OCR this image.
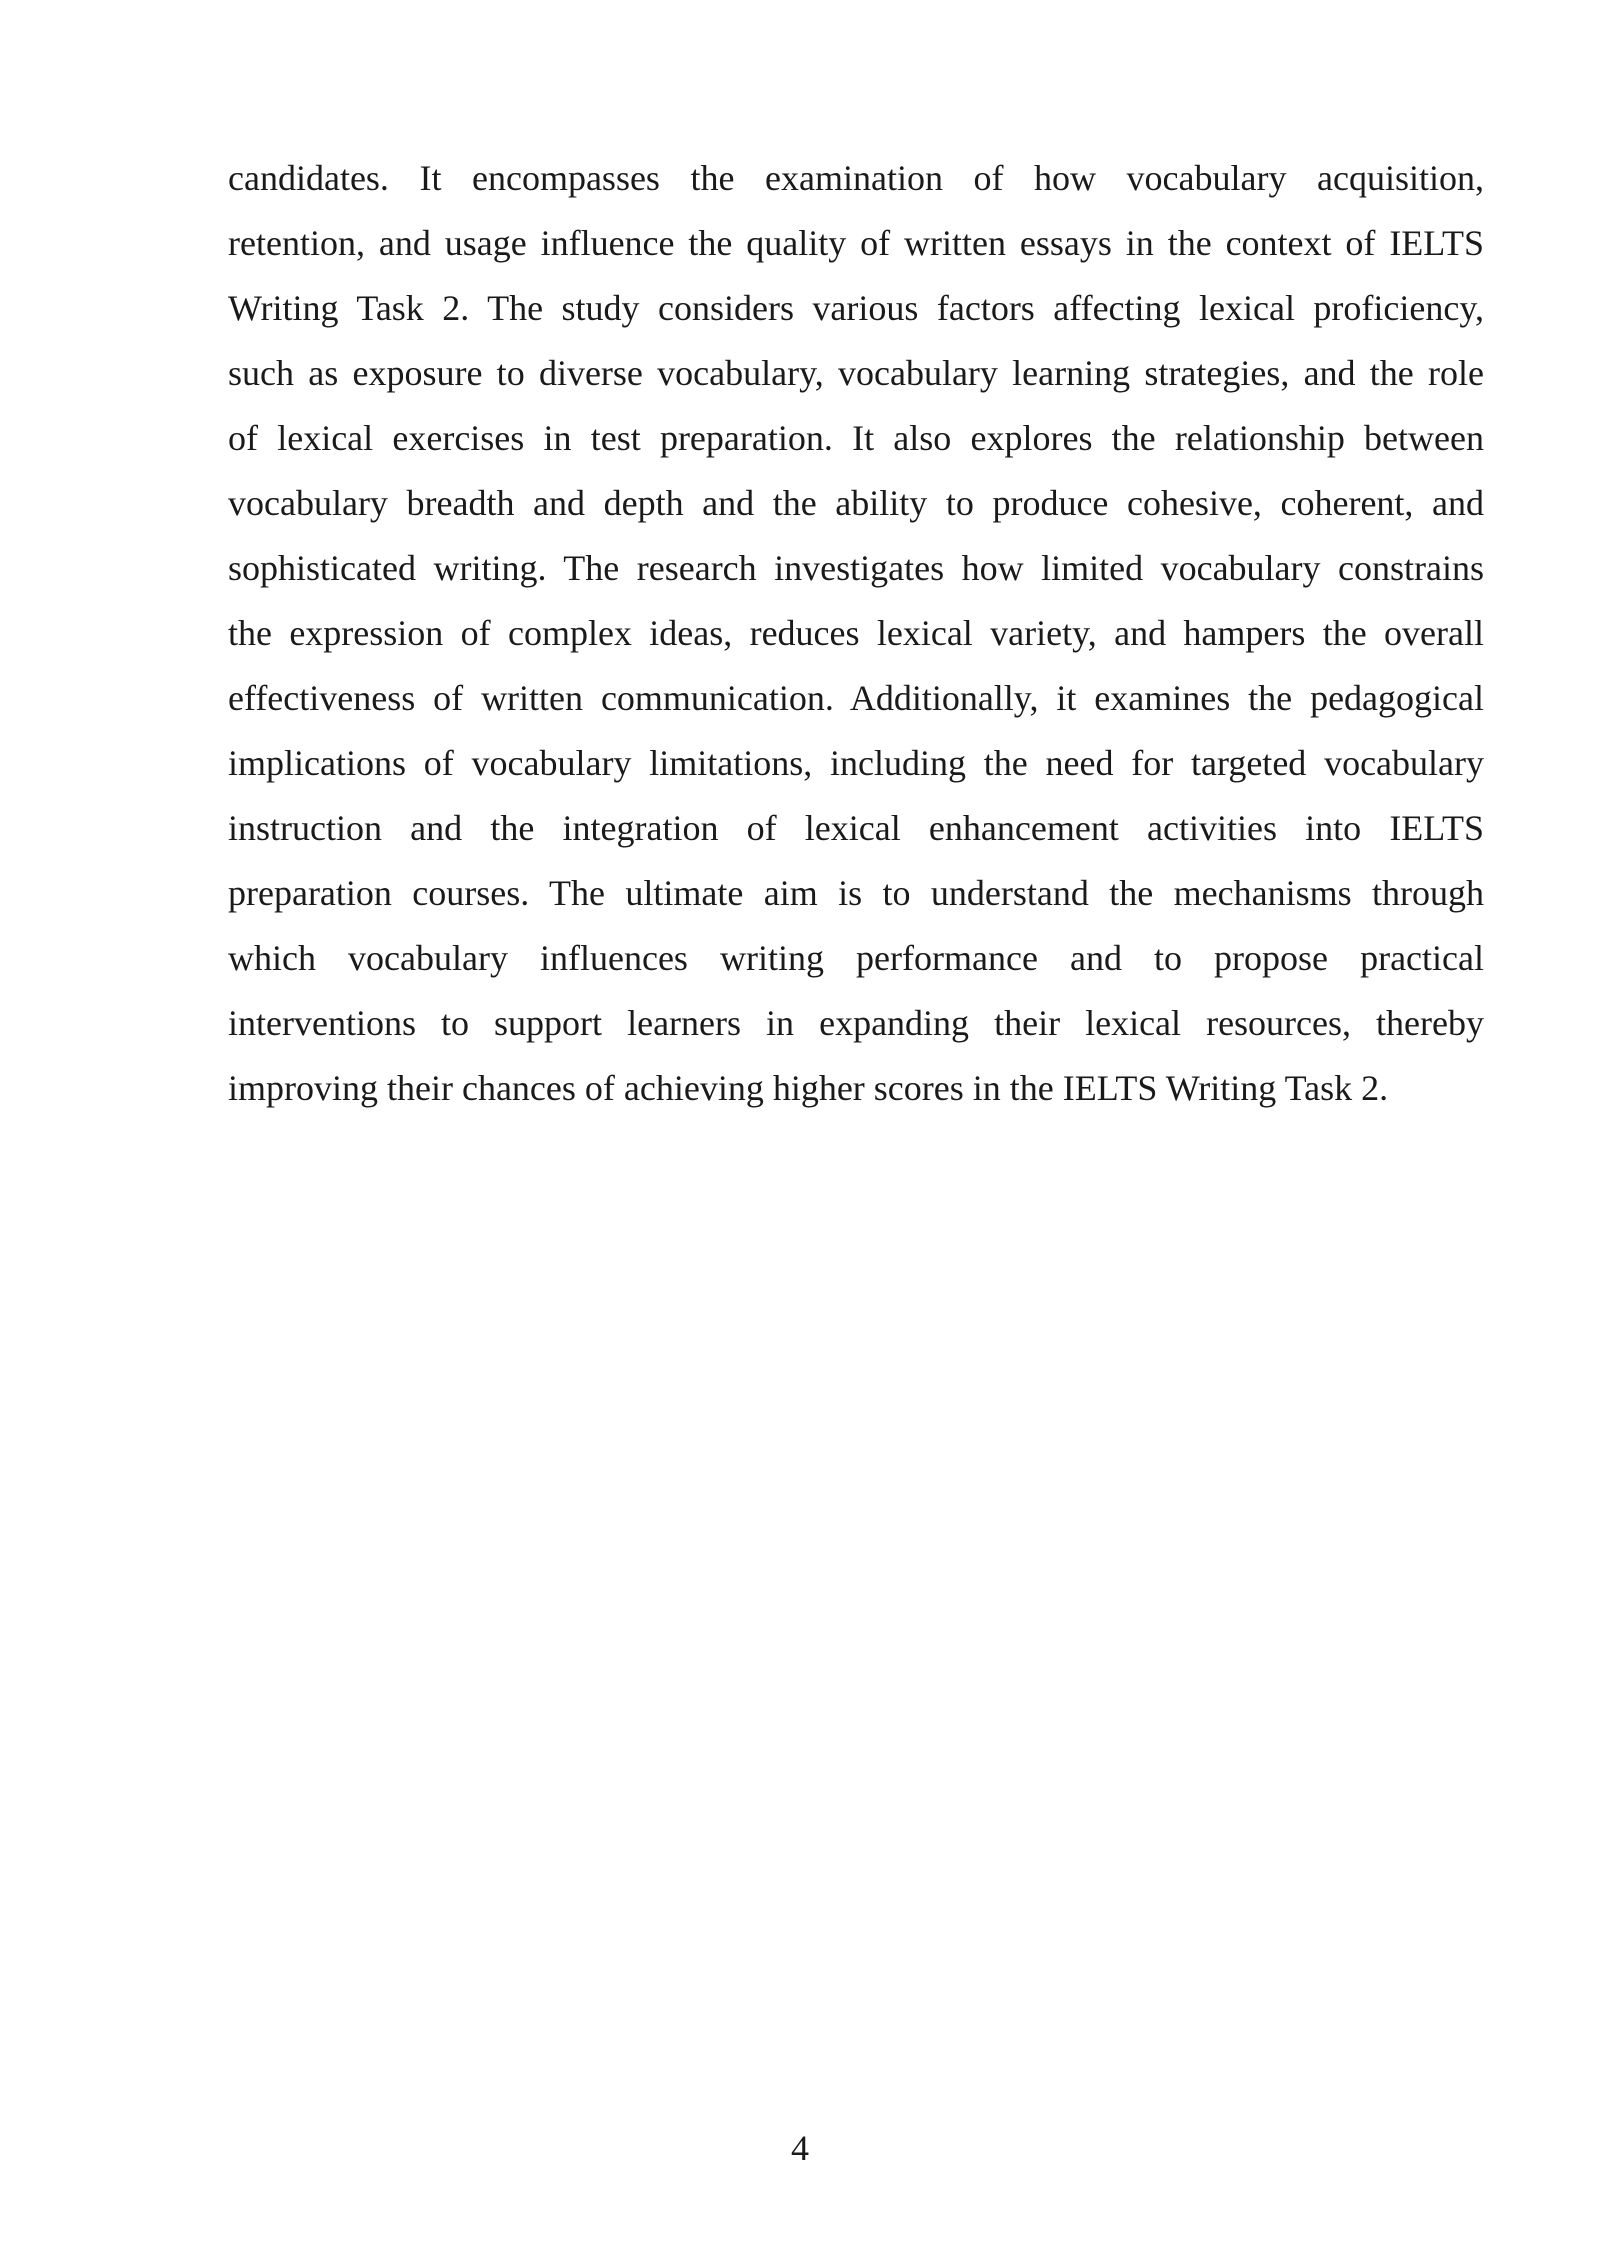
candidates. It encompasses the examination of how vocabulary acquisition,
retention, and usage influence the quality of written essays in the context of IELTS
Writing Task 2. The study considers various factors affecting lexical proficiency,
such as exposure to diverse vocabulary, vocabulary learning strategies, and the role
of lexical exercises in test preparation. It also explores the relationship between
vocabulary breadth and depth and the ability to produce cohesive, coherent, and
sophisticated writing. The research investigates how limited vocabulary constrains
the expression of complex ideas, reduces lexical variety, and hampers the overall
effectiveness of written communication. Additionally, it examines the pedagogical
implications of vocabulary limitations, including the need for targeted vocabulary
instruction and the integration of lexical enhancement activities into IELTS
preparation courses. The ultimate aim is to understand the mechanisms through
which vocabulary influences writing performance and to propose practical
interventions to support learners in expanding their lexical resources, thereby
improving their chances of achieving higher scores in the IELTS Writing Task 2.

4
